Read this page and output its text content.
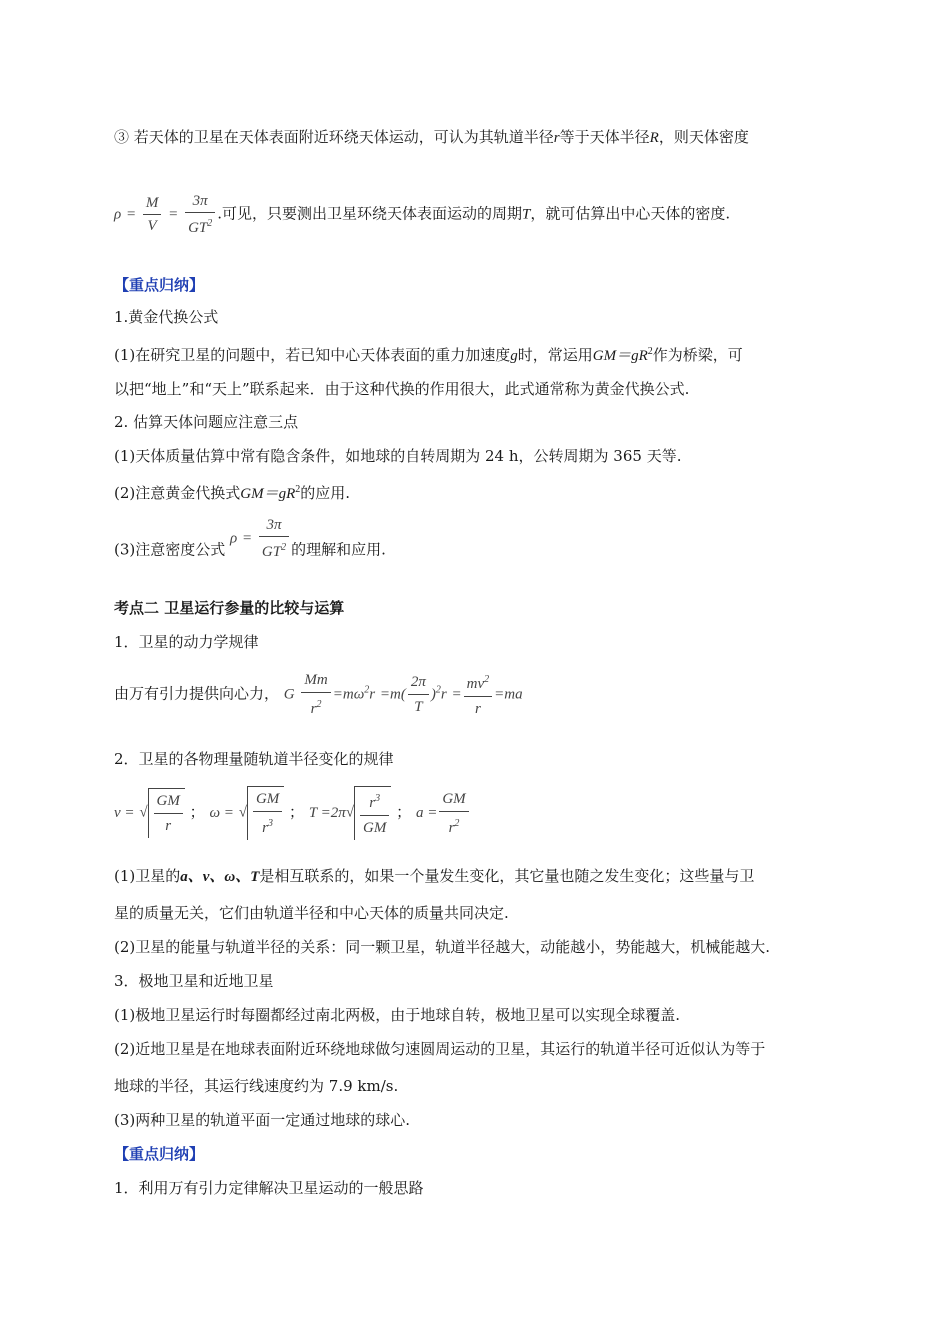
③ 若天体的卫星在天体表面附近环绕天体运动，可认为其轨道半径r等于天体半径R，则天体密度
$\rho = \frac{M}{V} = \frac{3\pi}{GT^2}$ .可见，只要测出卫星环绕天体表面运动的周期T，就可估算出中心天体的密度.
【重点归纳】
1.黄金代换公式
(1)在研究卫星的问题中，若已知中心天体表面的重力加速度g时，常运用$GM=gR^2$作为桥梁，可
以把“地上”和“天上”联系起来．由于这种代换的作用很大，此式通常称为黄金代换公式.
2. 估算天体问题应注意三点
(1)天体质量估算中常有隐含条件，如地球的自转周期为 24 h，公转周期为 365 天等.
(2)注意黄金代换式$GM=gR^2$的应用.
(3)注意密度公式 $\rho = \frac{3\pi}{GT^2}$ 的理解和应用.
考点二 卫星运行参量的比较与运算
1．卫星的动力学规律
由万有引力提供向心力， G $\frac{Mm}{r^2} =m\omega^2r =m( \frac{2\pi}{T} )^2r = \frac{mv^2}{r} =ma$
2．卫星的各物理量随轨道半径变化的规律
v = √ $\frac{GM}{r}$ ； ω = √ $\frac{GM}{r^3}$ ； $T =2\pi√ \frac{r^3}{GM}$ ； $a = \frac{GM}{r^2}$
(1)卫星的a、v、ω、T是相互联系的，如果一个量发生变化，其它量也随之发生变化；这些量与卫
星的质量无关，它们由轨道半径和中心天体的质量共同决定.
(2)卫星的能量与轨道半径的关系：同一颗卫星，轨道半径越大，动能越小，势能越大，机械能越大.
3．极地卫星和近地卫星
(1)极地卫星运行时每圈都经过南北两极，由于地球自转，极地卫星可以实现全球覆盖.
(2)近地卫星是在地球表面附近环绕地球做匀速圆周运动的卫星，其运行的轨道半径可近似认为等于
地球的半径，其运行线速度约为 7.9 km/s.
(3)两种卫星的轨道平面一定通过地球的球心.
【重点归纳】
1．利用万有引力定律解决卫星运动的一般思路
